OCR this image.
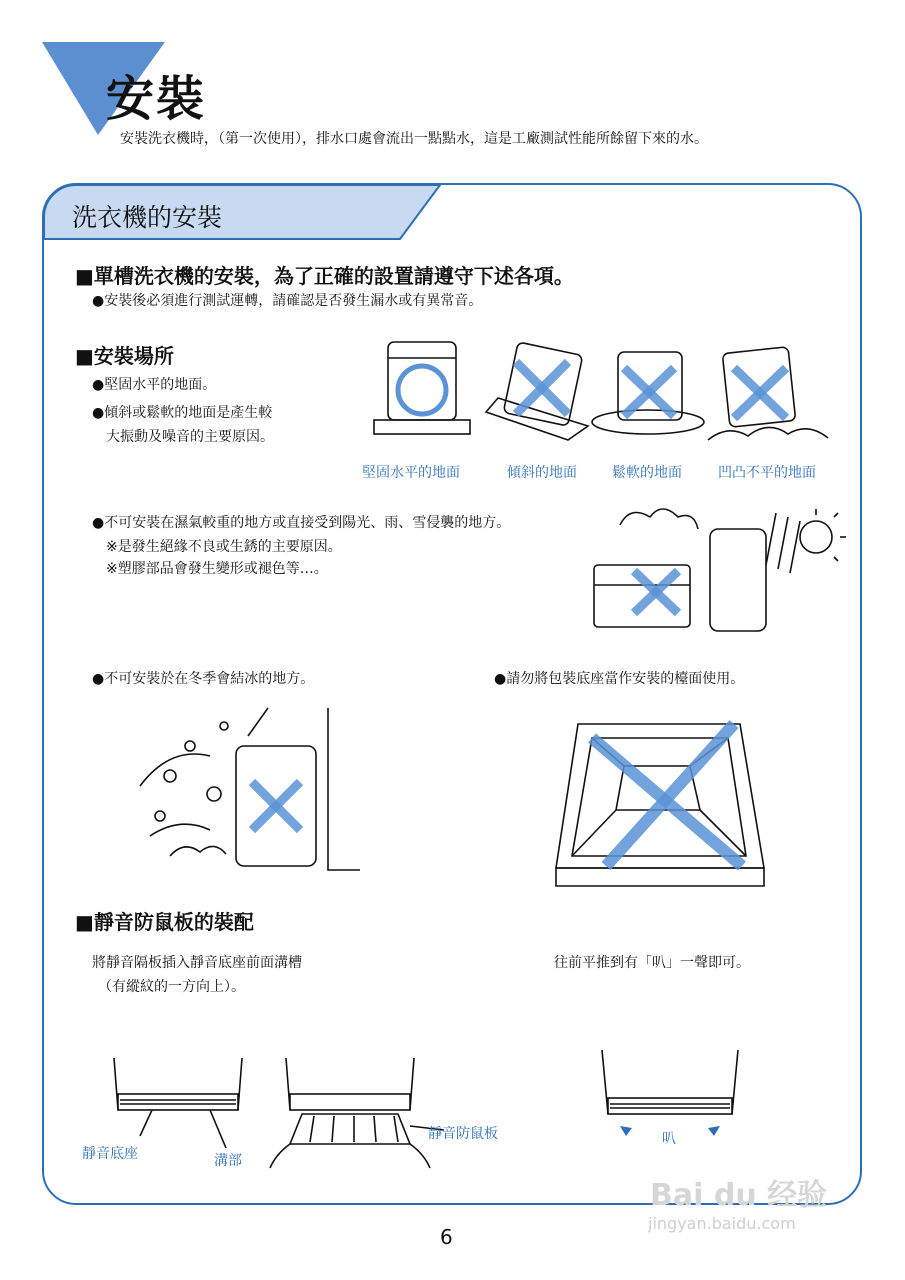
安裝
安裝洗衣機時，（第一次使用），排水口處會流出一點點水，這是工廠測試性能所餘留下來的水。
洗衣機的安裝
■單槽洗衣機的安裝，為了正確的設置請遵守下述各項。
●安裝後必須進行測試運轉，請確認是否發生漏水或有異常音。
■安裝場所
●堅固水平的地面。
●傾斜或鬆軟的地面是產生較
大振動及噪音的主要原因。
堅固水平的地面	傾斜的地面	鬆軟的地面	凹凸不平的地面
●不可安裝在濕氣較重的地方或直接受到陽光、雨、雪侵襲的地方。
※是發生絕緣不良或生銹的主要原因。
※塑膠部品會發生變形或褪色等…。
●不可安裝於在冬季會結冰的地方。	●請勿將包裝底座當作安裝的檯面使用。
■靜音防鼠板的裝配
將靜音隔板插入靜音底座前面溝槽
（有縱紋的一方向上）。
往前平推到有「叭」一聲即可。
靜音底座	溝部
靜音防鼠板	叭
Bai du 经验
jingyan.baidu.com
6
